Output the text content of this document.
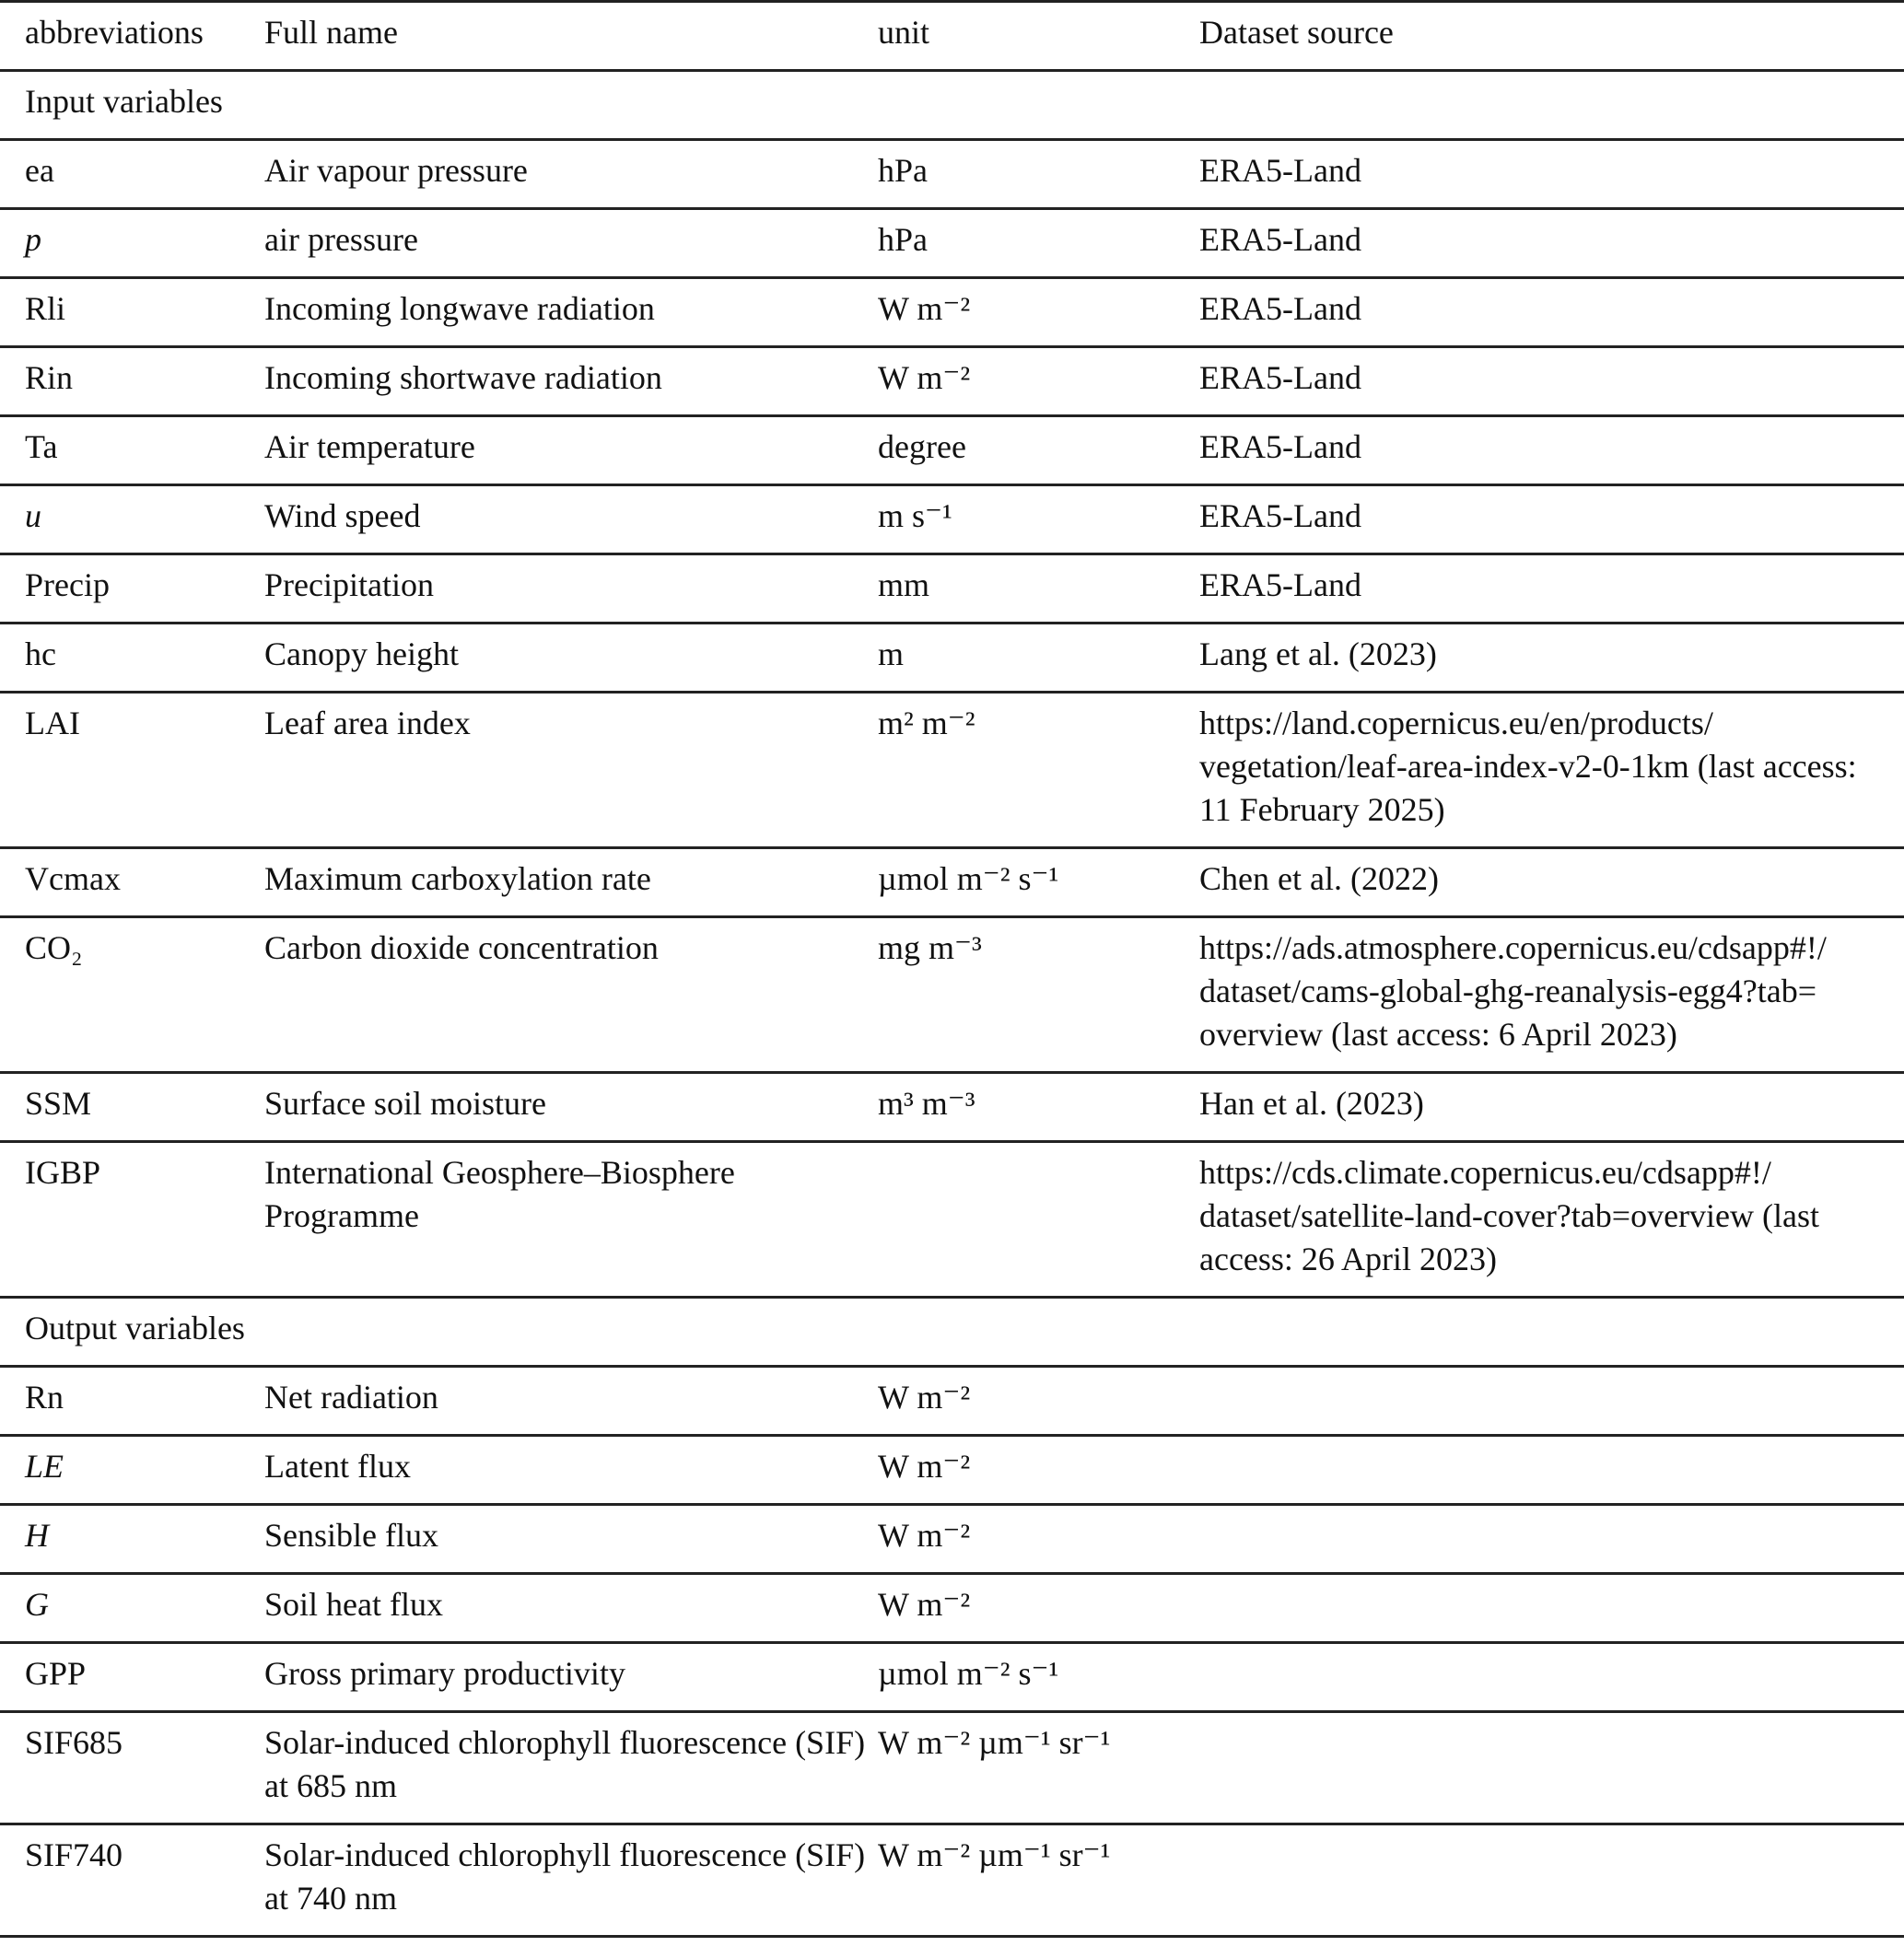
abbreviations	Full name	unit	Dataset source
Input variables			
ea	Air vapour pressure	hPa	ERA5-Land
p	air pressure	hPa	ERA5-Land
Rli	Incoming longwave radiation	W m⁻²	ERA5-Land
Rin	Incoming shortwave radiation	W m⁻²	ERA5-Land
Ta	Air temperature	degree	ERA5-Land
u	Wind speed	m s⁻¹	ERA5-Land
Precip	Precipitation	mm	ERA5-Land
hc	Canopy height	m	Lang et al. (2023)
LAI	Leaf area index	m² m⁻²	https://land.copernicus.eu/en/products/ vegetation/leaf-area-index-v2-0-1km (last access: 11 February 2025)
Vcmax	Maximum carboxylation rate	µmol m⁻² s⁻¹	Chen et al. (2022)
CO₂	Carbon dioxide concentration	mg m⁻³	https://ads.atmosphere.copernicus.eu/cdsapp#!/ dataset/cams-global-ghg-reanalysis-egg4?tab= overview (last access: 6 April 2023)
SSM	Surface soil moisture	m³ m⁻³	Han et al. (2023)
IGBP	International Geosphere–Biosphere Programme		https://cds.climate.copernicus.eu/cdsapp#!/ dataset/satellite-land-cover?tab=overview (last access: 26 April 2023)
Output variables			
Rn	Net radiation	W m⁻²	
LE	Latent flux	W m⁻²	
H	Sensible flux	W m⁻²	
G	Soil heat flux	W m⁻²	
GPP	Gross primary productivity	µmol m⁻² s⁻¹	
SIF685	Solar-induced chlorophyll fluorescence (SIF) at 685 nm	W m⁻² µm⁻¹ sr⁻¹	
SIF740	Solar-induced chlorophyll fluorescence (SIF) at 740 nm	W m⁻² µm⁻¹ sr⁻¹	
